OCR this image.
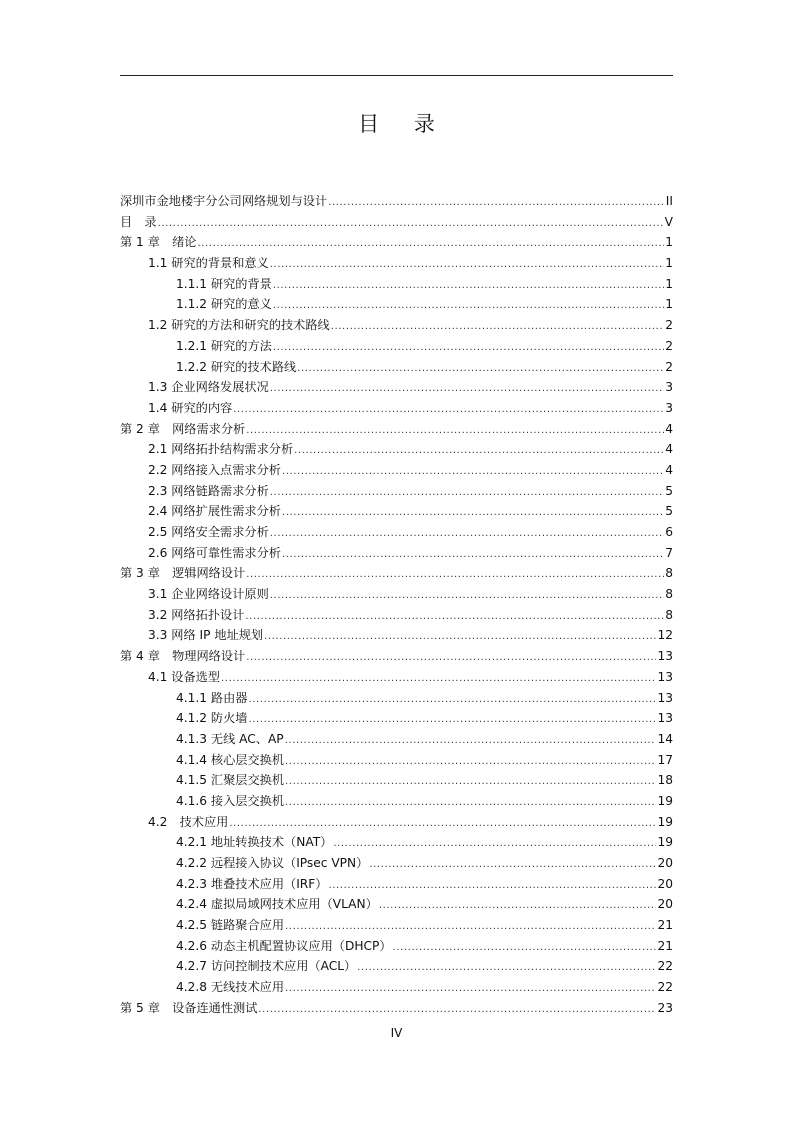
目 录
深圳市金地楼宇分公司网络规划与设计 .....	II
目　录 .....	V
第 1 章　绪论 .....	1
1.1 研究的背景和意义 .....	1
1.1.1 研究的背景 .....	1
1.1.2 研究的意义 .....	1
1.2 研究的方法和研究的技术路线 .....	2
1.2.1 研究的方法 .....	2
1.2.2 研究的技术路线 .....	2
1.3 企业网络发展状况 .....	3
1.4 研究的内容 .....	3
第 2 章　网络需求分析 .....	4
2.1 网络拓扑结构需求分析 .....	4
2.2 网络接入点需求分析 .....	4
2.3 网络链路需求分析 .....	5
2.4 网络扩展性需求分析 .....	5
2.5 网络安全需求分析 .....	6
2.6 网络可靠性需求分析 .....	7
第 3 章　逻辑网络设计 .....	8
3.1 企业网络设计原则 .....	8
3.2 网络拓扑设计 .....	8
3.3 网络 IP 地址规划 .....	12
第 4 章　物理网络设计 .....	13
4.1 设备选型 .....	13
4.1.1 路由器 .....	13
4.1.2 防火墙 .....	13
4.1.3 无线 AC、AP .....	14
4.1.4 核心层交换机 .....	17
4.1.5 汇聚层交换机 .....	18
4.1.6 接入层交换机 .....	19
4.2　技术应用 .....	19
4.2.1 地址转换技术（NAT） .....	19
4.2.2 远程接入协议（IPsec VPN） .....	20
4.2.3 堆叠技术应用（IRF） .....	20
4.2.4 虚拟局域网技术应用（VLAN） .....	20
4.2.5 链路聚合应用 .....	21
4.2.6 动态主机配置协议应用（DHCP） .....	21
4.2.7 访问控制技术应用（ACL） .....	22
4.2.8 无线技术应用 .....	22
第 5 章　设备连通性测试 .....	23
IV
